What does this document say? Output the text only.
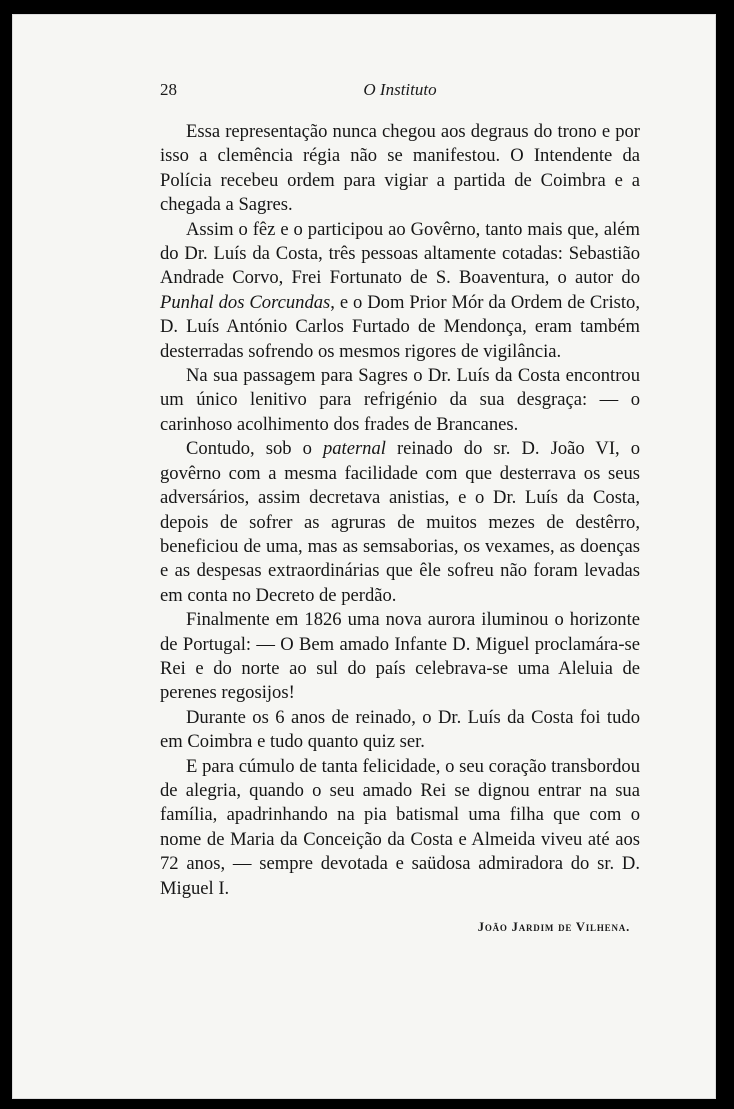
28	O Instituto

Essa representação nunca chegou aos degraus do trono e por isso a clemência régia não se manifestou. O Intendente da Polícia recebeu ordem para vigiar a partida de Coimbra e a chegada a Sagres.

Assim o fêz e o participou ao Govêrno, tanto mais que, além do Dr. Luís da Costa, três pessoas altamente cotadas: Sebastião Andrade Corvo, Frei Fortunato de S. Boaventura, o autor do Punhal dos Corcundas, e o Dom Prior Mór da Ordem de Cristo, D. Luís António Carlos Furtado de Mendonça, eram também desterradas sofrendo os mesmos rigores de vigilância.

Na sua passagem para Sagres o Dr. Luís da Costa encontrou um único lenitivo para refrigénio da sua desgraça: — o carinhoso acolhimento dos frades de Brancanes.

Contudo, sob o paternal reinado do sr. D. João VI, o govêrno com a mesma facilidade com que desterrava os seus adversários, assim decretava anistias, e o Dr. Luís da Costa, depois de sofrer as agruras de muitos mezes de destêrro, beneficiou de uma, mas as semsaborias, os vexames, as doenças e as despesas extraordinárias que êle sofreu não foram levadas em conta no Decreto de perdão.

Finalmente em 1826 uma nova aurora iluminou o horizonte de Portugal: — O Bem amado Infante D. Miguel proclamára-se Rei e do norte ao sul do país celebrava-se uma Aleluia de perenes regosijos!

Durante os 6 anos de reinado, o Dr. Luís da Costa foi tudo em Coimbra e tudo quanto quiz ser.

E para cúmulo de tanta felicidade, o seu coração transbordou de alegria, quando o seu amado Rei se dignou entrar na sua família, apadrinhando na pia batismal uma filha que com o nome de Maria da Conceição da Costa e Almeida viveu até aos 72 anos, — sempre devotada e saüdosa admiradora do sr. D. Miguel I.

João Jardim de Vilhena.
